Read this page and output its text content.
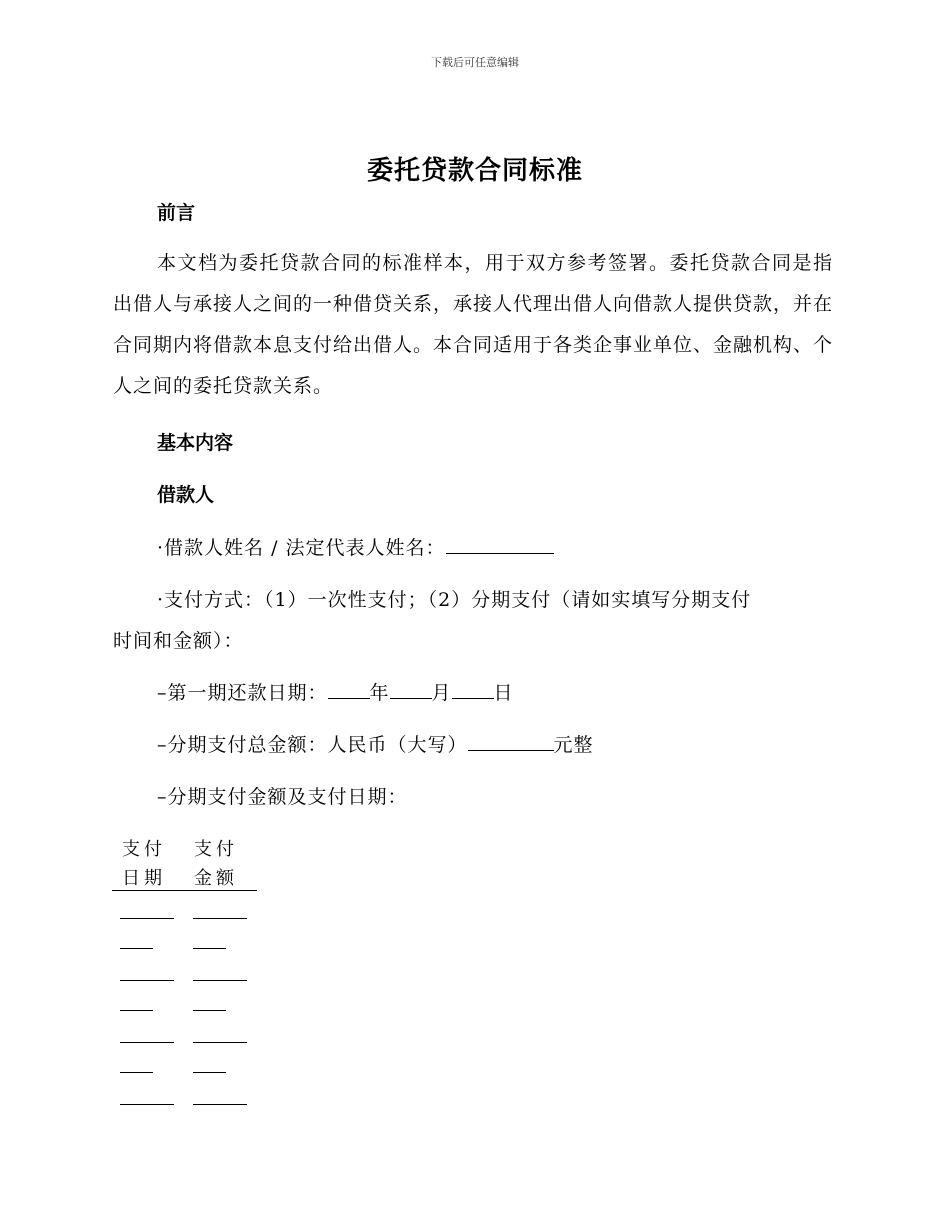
下载后可任意编辑
委托贷款合同标准
前言
本文档为委托贷款合同的标准样本，用于双方参考签署。委托贷款合同是指出借人与承接人之间的一种借贷关系，承接人代理出借人向借款人提供贷款，并在合同期内将借款本息支付给出借人。本合同适用于各类企事业单位、金融机构、个人之间的委托贷款关系。
基本内容
借款人
·借款人姓名 / 法定代表人姓名：
·支付方式：（1）一次性支付；（2）分期支付（请如实填写分期支付
时间和金额）：
–第一期还款日期： 年 月 日
–分期支付总金额：人民币（大写）	元整
–分期支付金额及支付日期：
支付
日期
支付
金额
